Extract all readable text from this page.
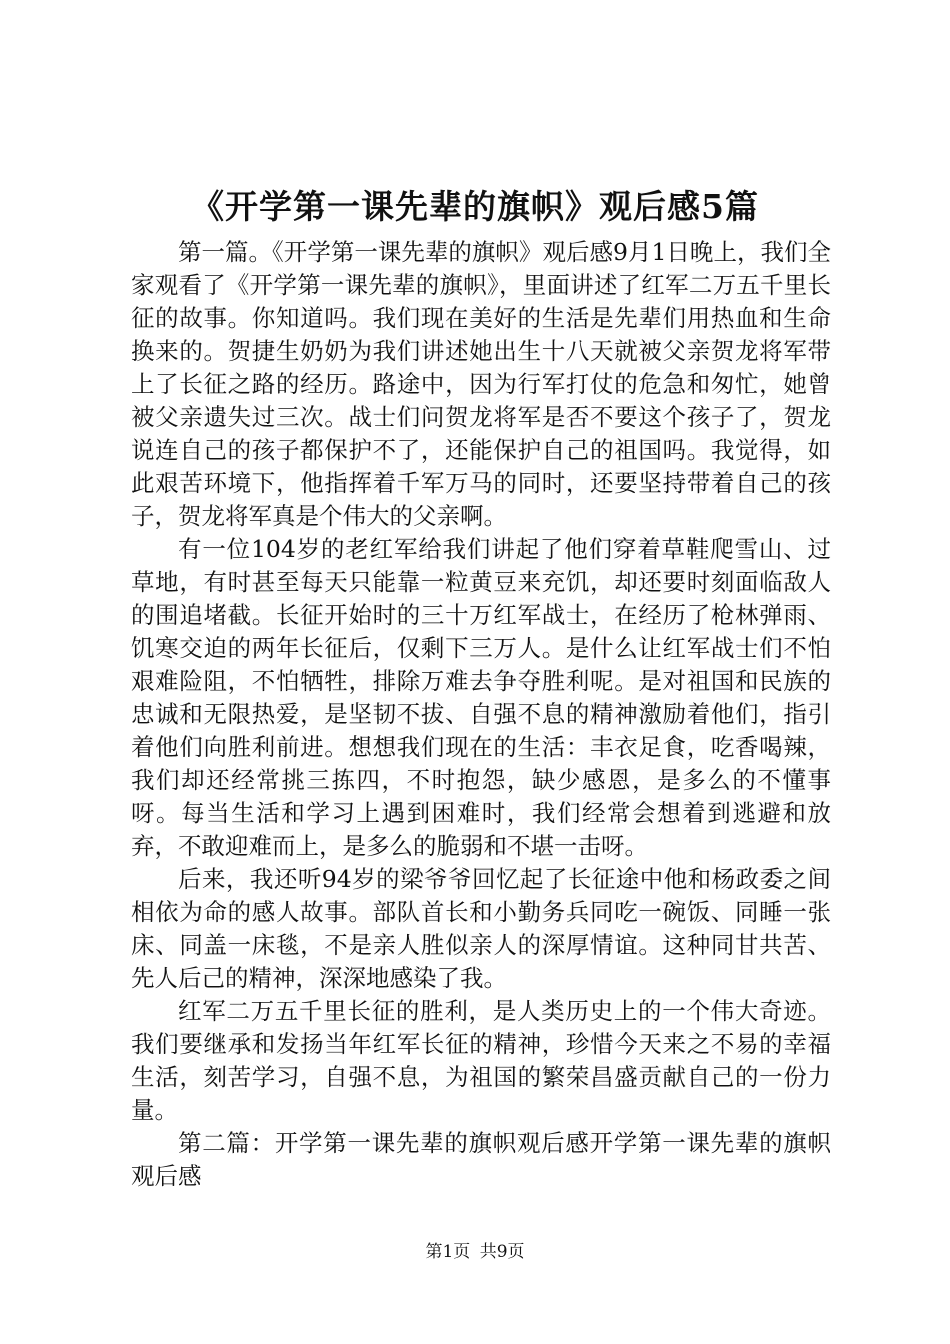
《开学第一课先辈的旗帜》观后感5篇

第一篇。《开学第一课先辈的旗帜》观后感9月1日晚上，我们全家观看了《开学第一课先辈的旗帜》，里面讲述了红军二万五千里长征的故事。你知道吗。我们现在美好的生活是先辈们用热血和生命换来的。贺捷生奶奶为我们讲述她出生十八天就被父亲贺龙将军带上了长征之路的经历。路途中，因为行军打仗的危急和匆忙，她曾被父亲遗失过三次。战士们问贺龙将军是否不要这个孩子了，贺龙说连自己的孩子都保护不了，还能保护自己的祖国吗。我觉得，如此艰苦环境下，他指挥着千军万马的同时，还要坚持带着自己的孩子，贺龙将军真是个伟大的父亲啊。

有一位104岁的老红军给我们讲起了他们穿着草鞋爬雪山、过草地，有时甚至每天只能靠一粒黄豆来充饥，却还要时刻面临敌人的围追堵截。长征开始时的三十万红军战士，在经历了枪林弹雨、饥寒交迫的两年长征后，仅剩下三万人。是什么让红军战士们不怕艰难险阻，不怕牺牲，排除万难去争夺胜利呢。是对祖国和民族的忠诚和无限热爱，是坚韧不拔、自强不息的精神激励着他们，指引着他们向胜利前进。想想我们现在的生活：丰衣足食，吃香喝辣，我们却还经常挑三拣四，不时抱怨，缺少感恩，是多么的不懂事呀。每当生活和学习上遇到困难时，我们经常会想着到逃避和放弃，不敢迎难而上，是多么的脆弱和不堪一击呀。

后来，我还听94岁的梁爷爷回忆起了长征途中他和杨政委之间相依为命的感人故事。部队首长和小勤务兵同吃一碗饭、同睡一张床、同盖一床毯，不是亲人胜似亲人的深厚情谊。这种同甘共苦、先人后己的精神，深深地感染了我。

红军二万五千里长征的胜利，是人类历史上的一个伟大奇迹。我们要继承和发扬当年红军长征的精神，珍惜今天来之不易的幸福生活，刻苦学习，自强不息，为祖国的繁荣昌盛贡献自己的一份力量。

第二篇：开学第一课先辈的旗帜观后感开学第一课先辈的旗帜观后感

第1页 共9页
